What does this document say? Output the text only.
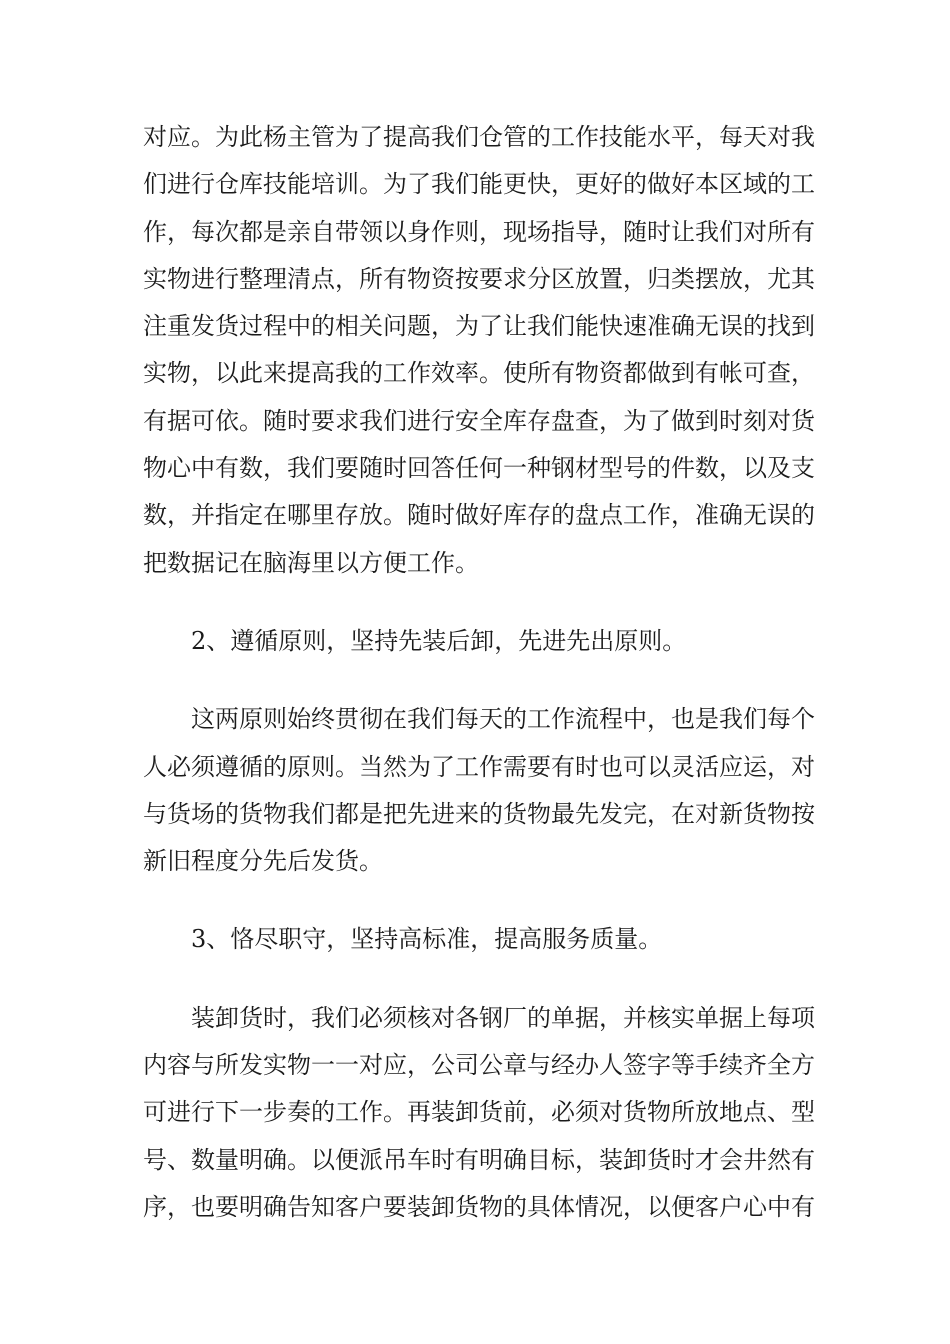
对应。为此杨主管为了提高我们仓管的工作技能水平，每天对我
们进行仓库技能培训。为了我们能更快，更好的做好本区域的工
作，每次都是亲自带领以身作则，现场指导，随时让我们对所有
实物进行整理清点，所有物资按要求分区放置，归类摆放，尤其
注重发货过程中的相关问题，为了让我们能快速准确无误的找到
实物，以此来提高我的工作效率。使所有物资都做到有帐可查，
有据可依。随时要求我们进行安全库存盘查，为了做到时刻对货
物心中有数，我们要随时回答任何一种钢材型号的件数，以及支
数，并指定在哪里存放。随时做好库存的盘点工作，准确无误的
把数据记在脑海里以方便工作。
2、遵循原则，坚持先装后卸，先进先出原则。
这两原则始终贯彻在我们每天的工作流程中，也是我们每个
人必须遵循的原则。当然为了工作需要有时也可以灵活应运，对
与货场的货物我们都是把先进来的货物最先发完，在对新货物按
新旧程度分先后发货。
3、恪尽职守，坚持高标准，提高服务质量。
装卸货时，我们必须核对各钢厂的单据，并核实单据上每项
内容与所发实物一一对应，公司公章与经办人签字等手续齐全方
可进行下一步奏的工作。再装卸货前，必须对货物所放地点、型
号、数量明确。以便派吊车时有明确目标，装卸货时才会井然有
序，也要明确告知客户要装卸货物的具体情况，以便客户心中有
